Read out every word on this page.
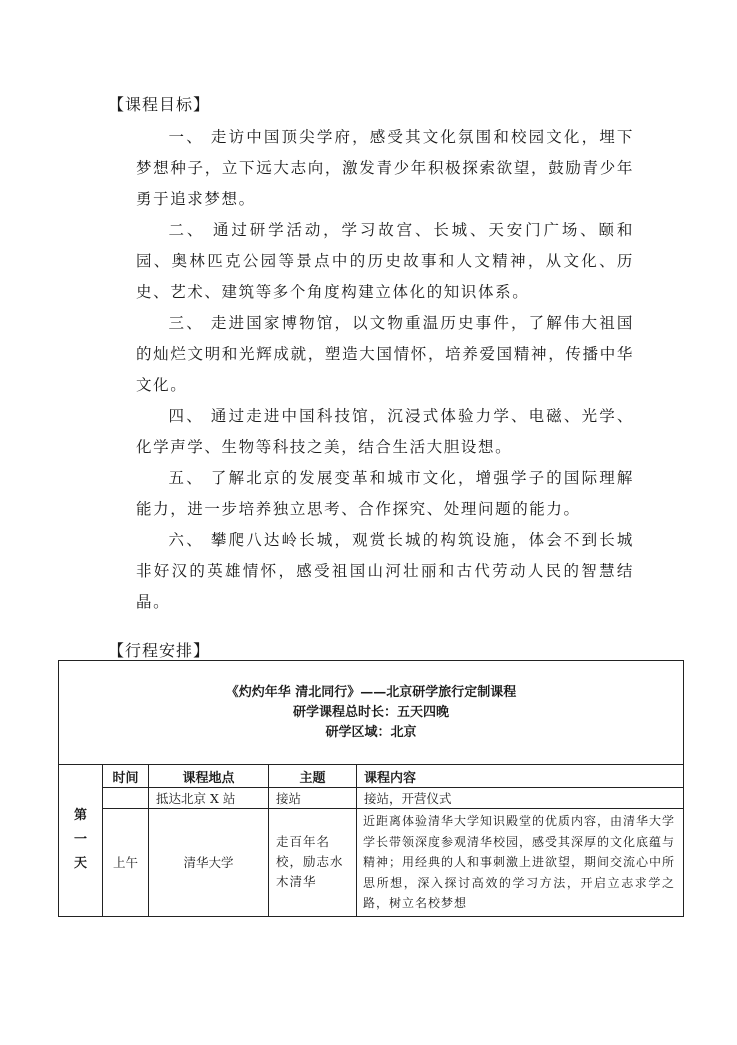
【课程目标】

一、 走访中国顶尖学府，感受其文化氛围和校园文化，埋下梦想种子，立下远大志向，激发青少年积极探索欲望，鼓励青少年勇于追求梦想。

二、 通过研学活动，学习故宫、长城、天安门广场、颐和园、奥林匹克公园等景点中的历史故事和人文精神，从文化、历史、艺术、建筑等多个角度构建立体化的知识体系。

三、 走进国家博物馆，以文物重温历史事件，了解伟大祖国的灿烂文明和光辉成就，塑造大国情怀，培养爱国精神，传播中华文化。

四、 通过走进中国科技馆，沉浸式体验力学、电磁、光学、化学声学、生物等科技之美，结合生活大胆设想。

五、 了解北京的发展变革和城市文化，增强学子的国际理解能力，进一步培养独立思考、合作探究、处理问题的能力。

六、 攀爬八达岭长城，观赏长城的构筑设施，体会不到长城非好汉的英雄情怀，感受祖国山河壮丽和古代劳动人民的智慧结晶。

【行程安排】
《灼灼年华 清北同行》——北京研学旅行定制课程
研学课程总时长：五天四晚
研学区域：北京				

第一天	时间	课程地点	主题	课程内容
		抵达北京 X 站	接站	接站，开营仪式
	上午	清华大学	走百年名校，励志水木清华	近距离体验清华大学知识殿堂的优质内容，由清华大学学长带领深度参观清华校园，感受其深厚的文化底蕴与精神；用经典的人和事刺激上进欲望，期间交流心中所思所想，深入探讨高效的学习方法，开启立志求学之路，树立名校梦想
